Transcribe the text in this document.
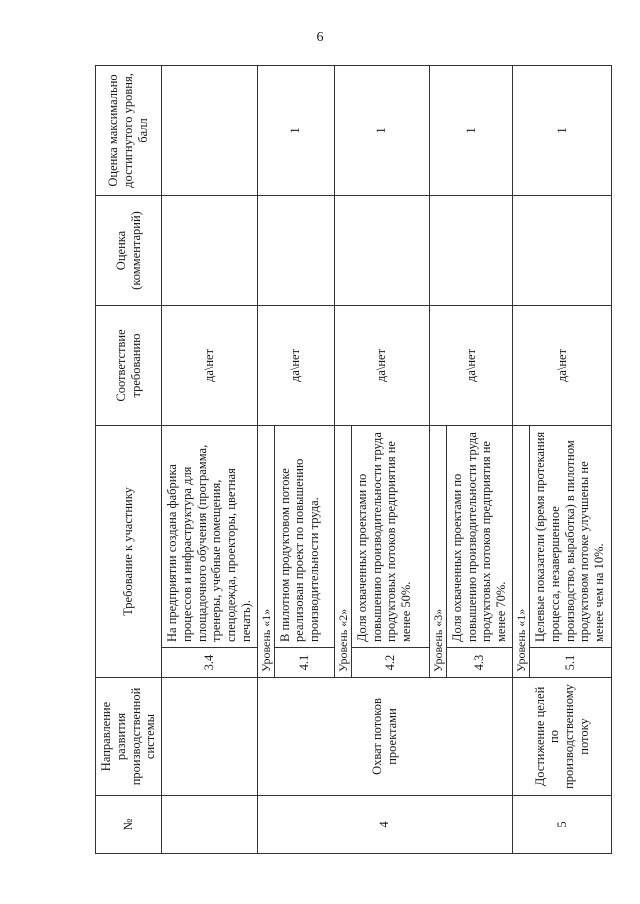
6
№	Направление развития производственной системы	Требование к участнику		Соответствие требованию	Оценка (комментарий)	Оценка максимально достигнутого уровня, балл
		3.4	На предприятии создана фабрика процессов и инфраструктура для площадочного обучения (программа, тренеры, учебные помещения, спецодежда, проекторы, цветная печать).	да\нет		
4	Охват потоков проектами	Уровень «1»		да\нет		1
		4.1	В пилотном продуктовом потоке реализован проект по повышению производительности труда.			
		Уровень «2»		да\нет		1
		4.2	Доля охваченных проектами по повышению производительности труда продуктовых потоков предприятия не менее 50%.			
		Уровень «3»		да\нет		1
		4.3	Доля охваченных проектами по повышению производительности труда продуктовых потоков предприятия не менее 70%.			
5	Достижение целей по производственному потоку	Уровень «1»		да\нет		1
		5.1	Целевые показатели (время протекания процесса, незавершенное производство, выработка) в пилотном продуктовом потоке улучшены не менее чем на 10%.			
